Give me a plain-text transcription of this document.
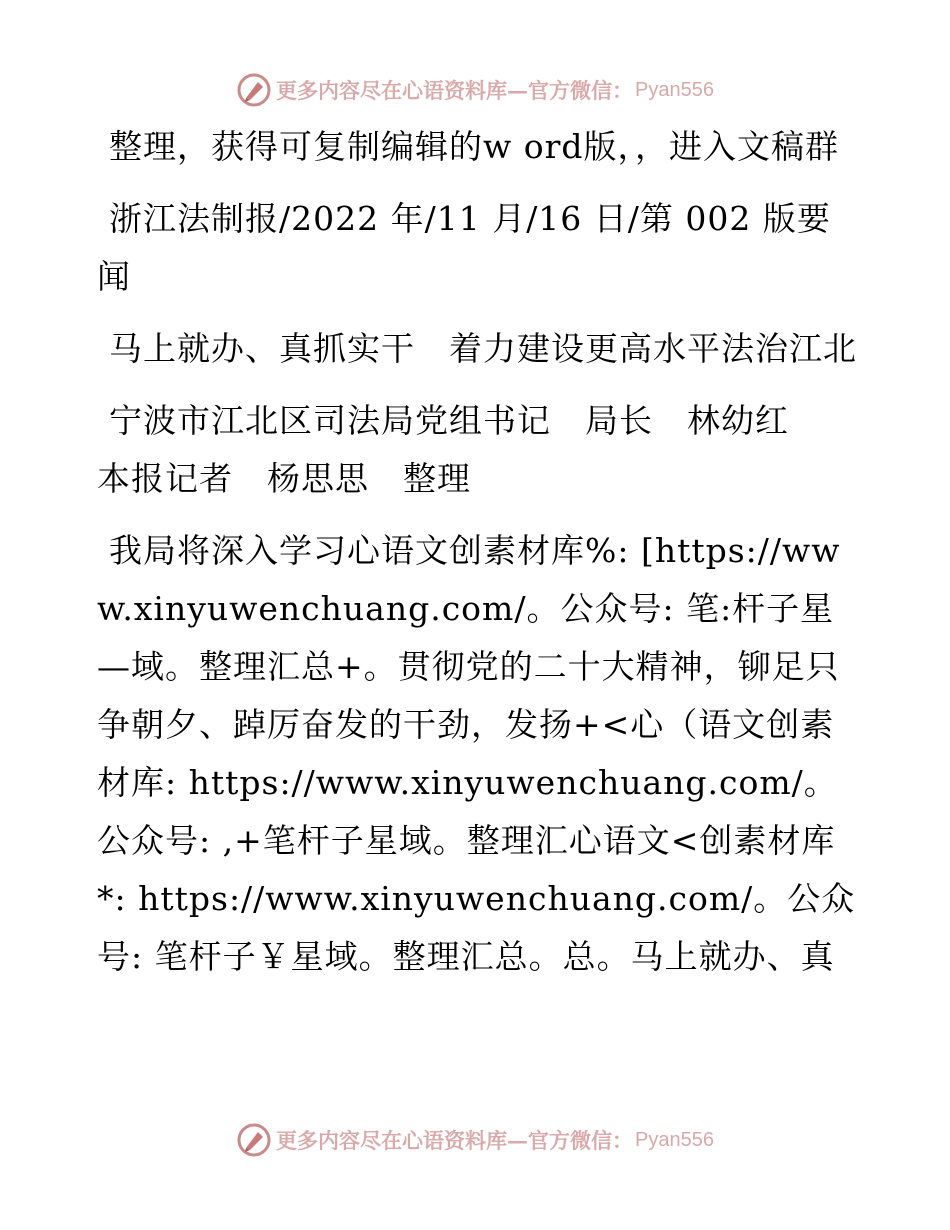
更多内容尽在心语资料库—官方微信： Pyan556

整理，获得可复制编辑的w ord版，，进入文稿群

浙江法制报/2022 年/11 月/16 日/第 002 版要闻

马上就办、真抓实干　着力建设更高水平法治江北

宁波市江北区司法局党组书记　局长　林幼红
本报记者　杨思思　整理

我局将深入学习心语文创素材库%: [https://www.xinyuwenchuang.com/。公众号: 笔:杆子星—域。整理汇总+。贯彻党的二十大精神，铆足只争朝夕、踔厉奋发的干劲，发扬+<心（语文创素材库: https://www.xinyuwenchuang.com/。公众号: ,+笔杆子星域。整理汇心语文<创素材库*: https://www.xinyuwenchuang.com/。公众号: 笔杆子￥星域。整理汇总。总。马上就办、真

更多内容尽在心语资料库—官方微信： Pyan556
